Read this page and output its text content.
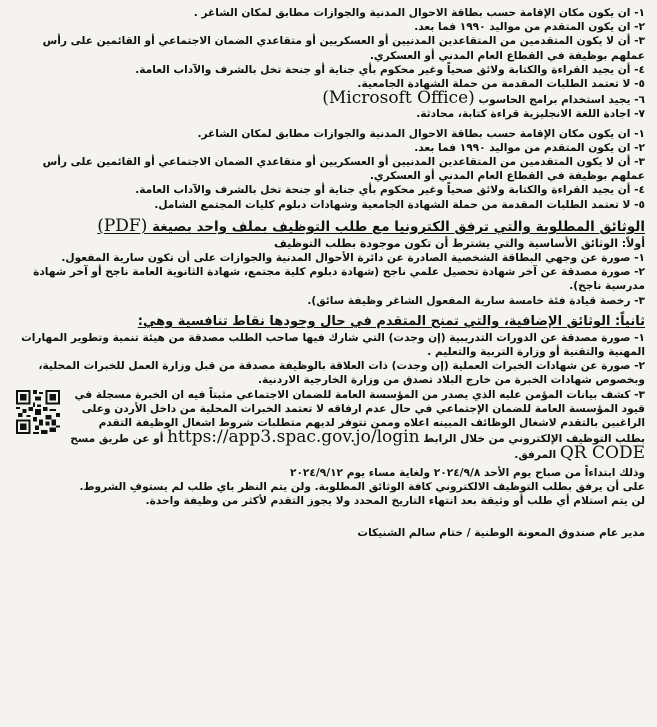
١- ان يكون مكان الإقامة حسب بطاقة الاحوال المدنية والجوازات مطابق لمكان الشاغر .
٢- ان يكون المتقدم من مواليد ١٩٩٠ فما بعد.
٣- أن لا يكون المتقدمين من المتقاعدين المدنيين أو العسكريين أو متقاعدي الضمان الاجتماعي أو القائمين على رأس عملهم بوظيفة في القطاع العام المدني أو العسكري.
٤- أن يجيد القراءة والكتابة ولائق صحياً وغير محكوم بأي جناية أو جنحة تخل بالشرف والآداب العامة.
٥- لا تعتمد الطلبات المقدمة من حملة الشهادة الجامعية.
٦- يجيد استخدام برامج الحاسوب (Microsoft Office)
٧- اجادة اللغة الانجليزية قراءة كتابة، محادثة.
١- ان يكون مكان الإقامة حسب بطاقة الاحوال المدنية والجوازات مطابق لمكان الشاغر.
٢- ان يكون المتقدم من مواليد ١٩٩٠ فما بعد.
٣- أن لا يكون المتقدمين من المتقاعدين المدنيين أو العسكريين أو متقاعدي الضمان الاجتماعي أو القائمين على رأس عملهم بوظيفة في القطاع العام المدني أو العسكري.
٤- أن يجيد القراءة والكتابة ولائق صحياً وغير محكوم بأي جناية أو جنحة تخل بالشرف والآداب العامة.
٥- لا تعتمد الطلبات المقدمة من حملة الشهادة الجامعية وشهادات دبلوم كليات المجتمع الشامل.
الوثائق المطلوبة والتي ترفق الكترونيا مع طلب التوظيف بملف واحد بصيغة (PDF)
أولاً: الوثائق الأساسية والتي يشترط أن تكون موجودة بطلب التوظيف
١- صورة عن وجهي البطاقة الشخصية الصادرة عن دائرة الأحوال المدنية والجوازات على أن تكون سارية المفعول.
٢- صورة مصدقة عن آخر شهادة تحصيل علمي ناجح (شهادة دبلوم كلية مجتمع، شهادة الثانوية العامة ناجح أو آخر شهادة مدرسية ناجح).
٣- رخصة قيادة فئة خامسة سارية المفعول الشاغر وظيفة سائق).
ثانياً: الوثائق الإضافية، والتي تمنح المتقدم في حال وجودها نقاط تنافسية وهي:
١- صورة مصدقة عن الدورات التدريبية (إن وجدت) التي شارك فيها صاحب الطلب مصدقة من هيئة تنمية وتطوير المهارات المهنية والتقنية أو وزارة التربية والتعليم .
٢- صورة عن شهادات الخبرات العملية (إن وجدت) ذات العلاقة بالوظيفة مصدقة من قبل وزارة العمل للخبرات المحلية، وبخصوص شهادات الخبرة من خارج البلاد تصدق من وزارة الخارجية الاردنية.
٣- كشف بيانات المؤمن عليه الذي يصدر من المؤسسة العامة للضمان الاجتماعي مثبتاً فيه ان الخبرة مسجلة في قيود المؤسسة العامة للضمان الإجتماعي في حال عدم ارفاقه لا تعتمد الخبرات المحلية من داخل الأردن وعلى الراغبين بالتقدم لاشغال الوظائف المبينه اعلاه وممن تتوفر لديهم متطلبات شروط اشغال الوظيفة التقدم بطلب التوظيف الإلكتروني من خلال الرابط https://app3.spac.gov.jo/login أو عن طريق مسح QR CODE المرفق.
وذلك ابتداءاً من صباح يوم الأحد ٢٠٢٤/٩/٨ ولغاية مساء يوم ٢٠٢٤/٩/١٢
على أن يرفق بطلب التوظيف الالكتروني كافة الوثائق المطلوبة. ولن يتم النظر باي طلب لم يستوفِ الشروط.
لن يتم استلام أي طلب أو وثيقة بعد انتهاء التاريخ المحدد ولا يجوز التقدم لأكثر من وظيفة واحدة.
مدير عام صندوق المعونة الوطنية / ختام سالم الشنيكات
